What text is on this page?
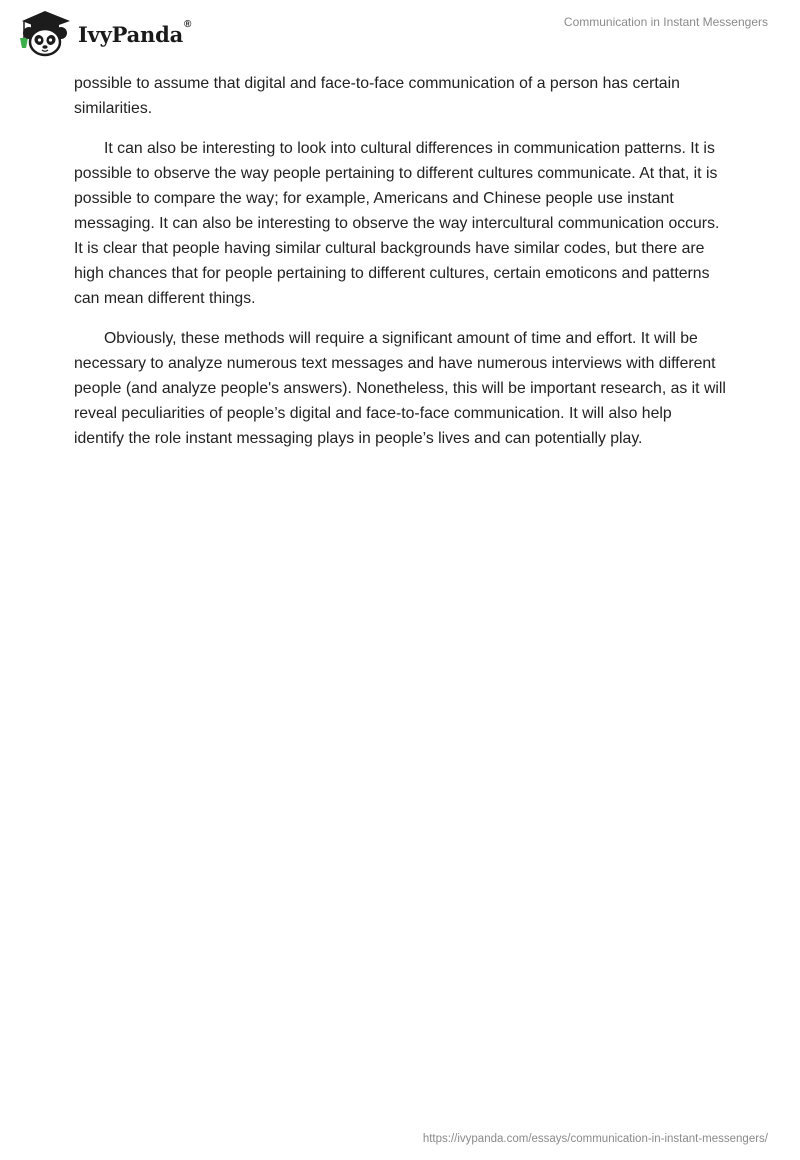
IvyPanda®	Communication in Instant Messengers

possible to assume that digital and face-to-face communication of a person has certain similarities.

It can also be interesting to look into cultural differences in communication patterns. It is possible to observe the way people pertaining to different cultures communicate. At that, it is possible to compare the way; for example, Americans and Chinese people use instant messaging. It can also be interesting to observe the way intercultural communication occurs. It is clear that people having similar cultural backgrounds have similar codes, but there are high chances that for people pertaining to different cultures, certain emoticons and patterns can mean different things.

Obviously, these methods will require a significant amount of time and effort. It will be necessary to analyze numerous text messages and have numerous interviews with different people (and analyze people's answers). Nonetheless, this will be important research, as it will reveal peculiarities of people’s digital and face-to-face communication. It will also help identify the role instant messaging plays in people’s lives and can potentially play.

https://ivypanda.com/essays/communication-in-instant-messengers/
